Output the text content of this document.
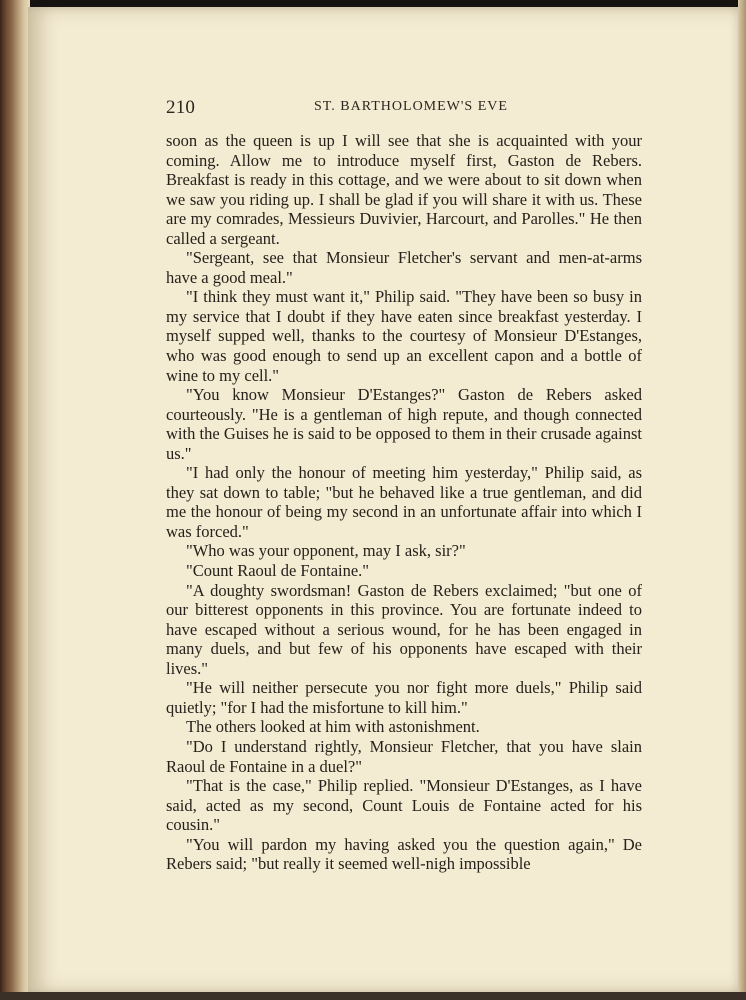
210	ST. BARTHOLOMEW'S EVE

soon as the queen is up I will see that she is acquainted with your coming. Allow me to introduce myself first, Gaston de Rebers. Breakfast is ready in this cottage, and we were about to sit down when we saw you riding up. I shall be glad if you will share it with us. These are my comrades, Messieurs Duvivier, Harcourt, and Parolles." He then called a sergeant.

"Sergeant, see that Monsieur Fletcher's servant and men-at-arms have a good meal."

"I think they must want it," Philip said. "They have been so busy in my service that I doubt if they have eaten since breakfast yesterday. I myself supped well, thanks to the courtesy of Monsieur D'Estanges, who was good enough to send up an excellent capon and a bottle of wine to my cell."

"You know Monsieur D'Estanges?" Gaston de Rebers asked courteously. "He is a gentleman of high repute, and though connected with the Guises he is said to be opposed to them in their crusade against us."

"I had only the honour of meeting him yesterday," Philip said, as they sat down to table; "but he behaved like a true gentleman, and did me the honour of being my second in an unfortunate affair into which I was forced."

"Who was your opponent, may I ask, sir?"

"Count Raoul de Fontaine."

"A doughty swordsman! Gaston de Rebers exclaimed; "but one of our bitterest opponents in this province. You are fortunate indeed to have escaped without a serious wound, for he has been engaged in many duels, and but few of his opponents have escaped with their lives."

"He will neither persecute you nor fight more duels," Philip said quietly; "for I had the misfortune to kill him."

The others looked at him with astonishment.

"Do I understand rightly, Monsieur Fletcher, that you have slain Raoul de Fontaine in a duel?"

"That is the case," Philip replied. "Monsieur D'Estanges, as I have said, acted as my second, Count Louis de Fontaine acted for his cousin."

"You will pardon my having asked you the question again," De Rebers said; "but really it seemed well-nigh impossible
